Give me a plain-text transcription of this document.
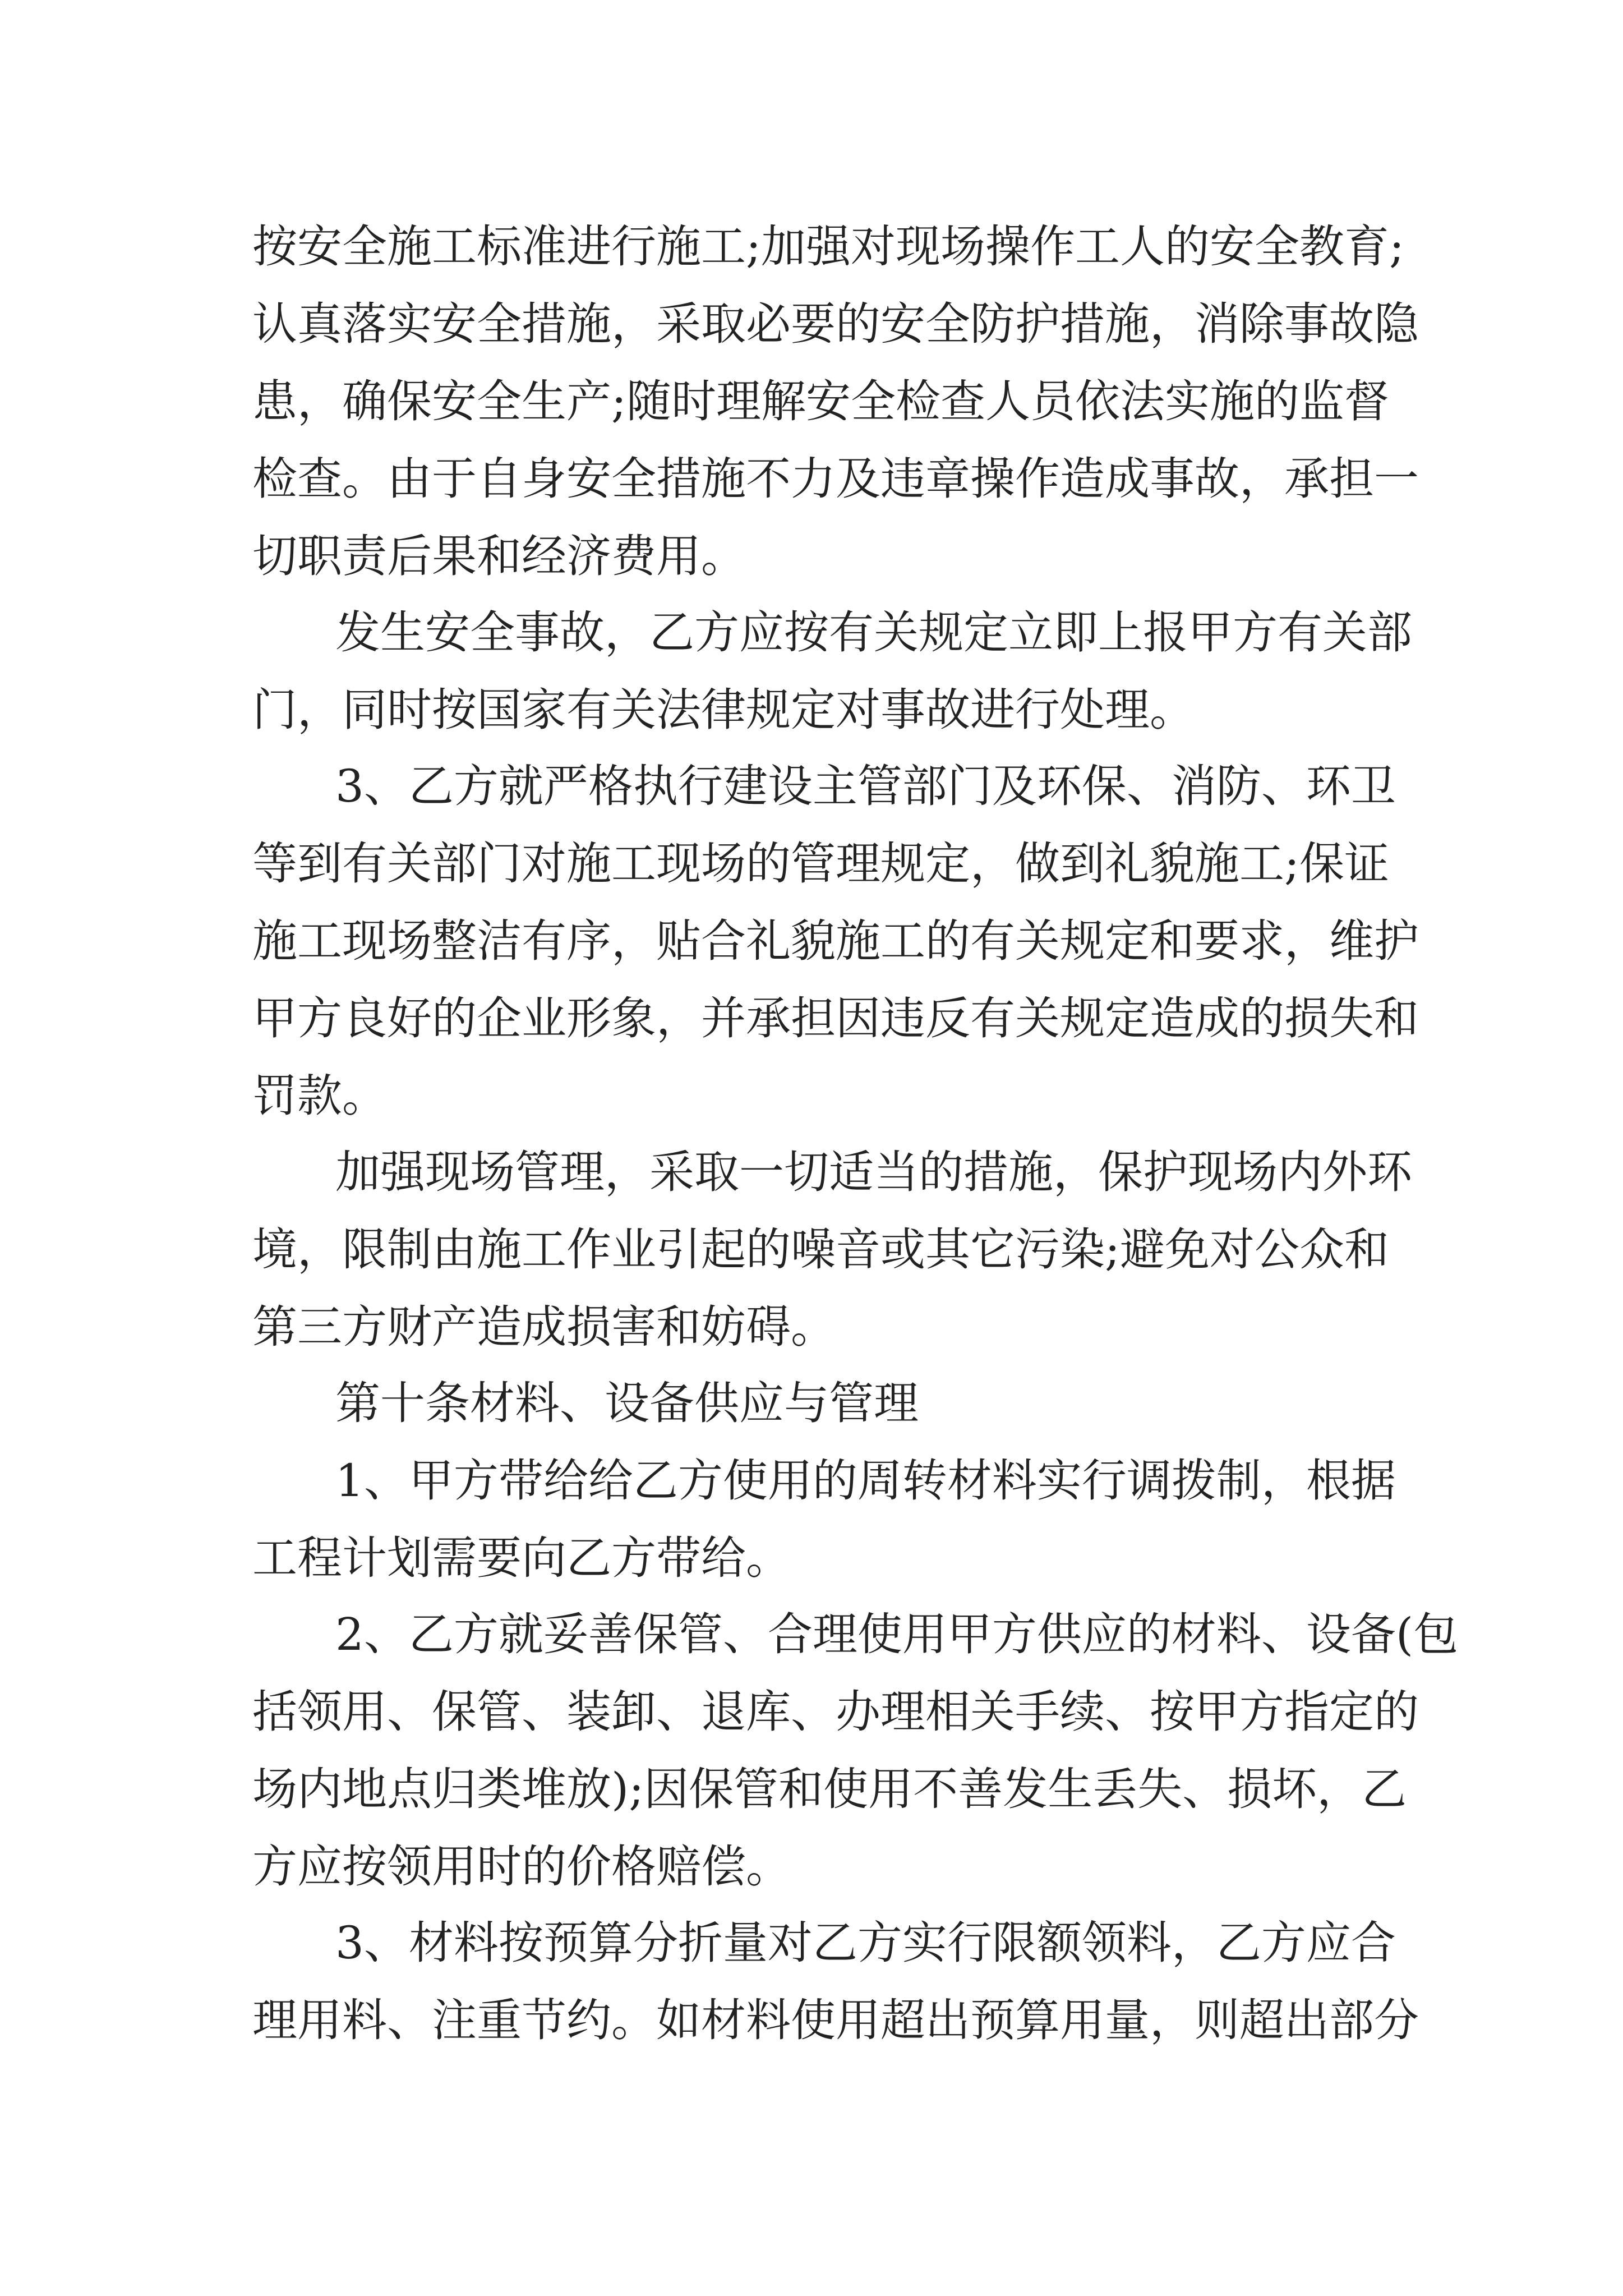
按安全施工标准进行施工;加强对现场操作工人的安全教育;
认真落实安全措施，采取必要的安全防护措施，消除事故隐
患，确保安全生产;随时理解安全检查人员依法实施的监督
检查。由于自身安全措施不力及违章操作造成事故，承担一
切职责后果和经济费用。
发生安全事故，乙方应按有关规定立即上报甲方有关部
门，同时按国家有关法律规定对事故进行处理。
3、乙方就严格执行建设主管部门及环保、消防、环卫
等到有关部门对施工现场的管理规定，做到礼貌施工;保证
施工现场整洁有序，贴合礼貌施工的有关规定和要求，维护
甲方良好的企业形象，并承担因违反有关规定造成的损失和
罚款。
加强现场管理，采取一切适当的措施，保护现场内外环
境，限制由施工作业引起的噪音或其它污染;避免对公众和
第三方财产造成损害和妨碍。
第十条材料、设备供应与管理
1、甲方带给给乙方使用的周转材料实行调拨制，根据
工程计划需要向乙方带给。
2、乙方就妥善保管、合理使用甲方供应的材料、设备(包
括领用、保管、装卸、退库、办理相关手续、按甲方指定的
场内地点归类堆放);因保管和使用不善发生丢失、损坏，乙
方应按领用时的价格赔偿。
3、材料按预算分折量对乙方实行限额领料，乙方应合
理用料、注重节约。如材料使用超出预算用量，则超出部分
